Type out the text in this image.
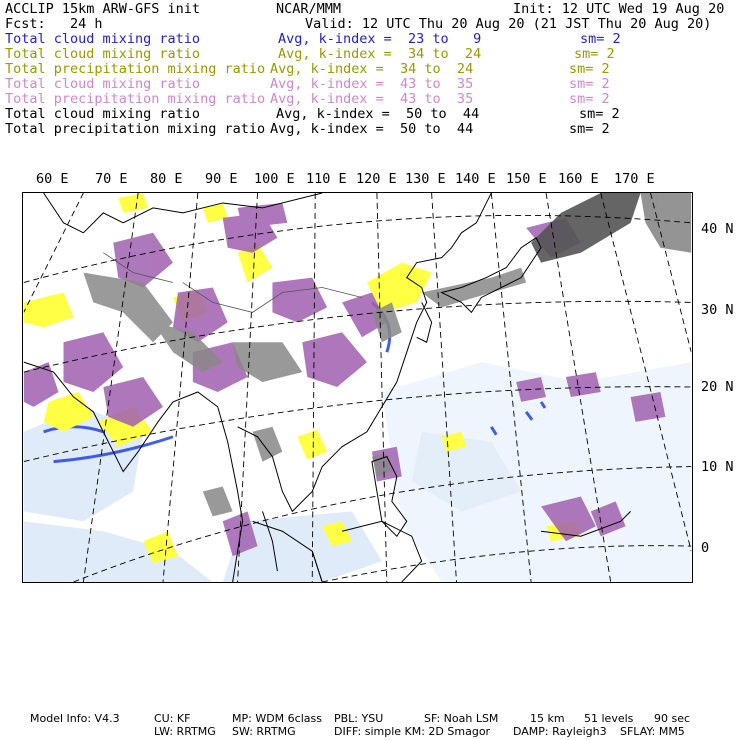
ACCLIP 15km ARW-GFS init	NCAR/MMM	Init: 12 UTC Wed 19 Aug 20
Fcst:   24 h	Valid: 12 UTC Thu 20 Aug 20 (21 JST Thu 20 Aug 20)
Total cloud mixing ratio	Avg, k-index =  23 to   9	sm= 2
Total cloud mixing ratio	Avg, k-index =  34 to  24	sm= 2
Total precipitation mixing ratio Avg, k-index =  34 to  24	sm= 2
Total cloud mixing ratio	Avg, k-index =  43 to  35	sm= 2
Total precipitation mixing ratio Avg, k-index =  43 to  35	sm= 2
Total cloud mixing ratio	Avg, k-index =  50 to  44	sm= 2
Total precipitation mixing ratio Avg, k-index =  50 to  44	sm= 2
60 E 70 E 80 E 90 E 100 E 110 E 120 E 130 E 140 E 150 E 160 E 170 E
40 N
30 N
20 N
10 N
0
Model Info: V4.3	CU: KF	MP: WDM 6class PBL: YSU	SF: Noah LSM	15 km 51 levels 90 sec
LW: RRTMG SW: RRTMG	DIFF: simple KM: 2D Smagor DAMP: Rayleigh3 SFLAY: MM5
